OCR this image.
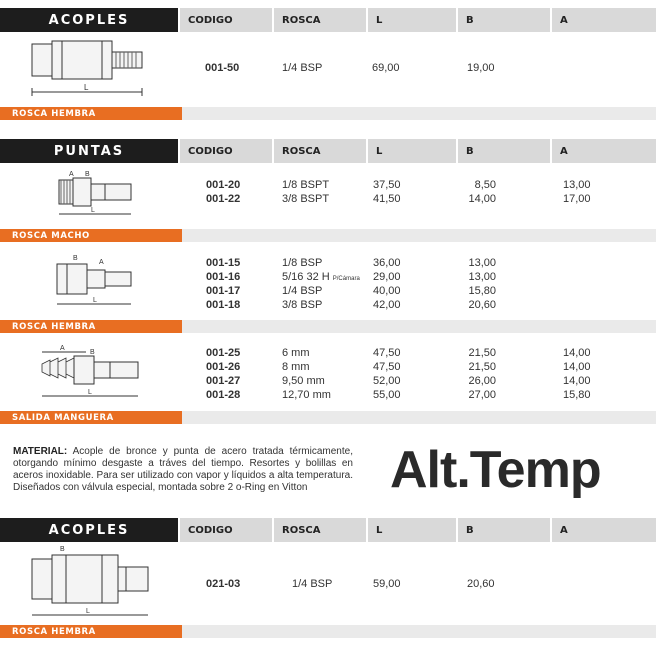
ACOPLES	CODIGO	ROSCA	L	B	A
L
001-50	1/4 BSP	69,00	19,00
ROSCA HEMBRA
PUNTAS	CODIGO	ROSCA	L	B	A
A B
L
001-20	1/8 BSPT	37,50	8,50	13,00
001-22	3/8 BSPT	41,50	14,00	17,00
ROSCA MACHO
B
A
L
001-15	1/8 BSP	36,00	13,00
001-16	5/16 32 H P/Cámara 29,00	13,00
001-17	1/4 BSP	40,00	15,80
001-18	3/8 BSP	42,00	20,60
ROSCA HEMBRA
A
B
L
001-25	6 mm	47,50	21,50	14,00
001-26	8 mm	47,50	21,50	14,00
001-27	9,50 mm	52,00	26,00	14,00
001-28	12,70 mm	55,00	27,00	15,80
SALIDA MANGUERA
MATERIAL: Acople de bronce y punta de acero tratada térmicamente, otorgando mínimo desgaste a tráves del tiempo. Resortes y bolillas en aceros inoxidable. Para ser utilizado con vapor y líquidos a alta temperatura. Diseñados con válvula especial, montada sobre 2 o-Ring en Vitton	Alt.Temp
ACOPLES	CODIGO	ROSCA	L	B	A
B
L
021-03	1/4 BSP	59,00	20,60
ROSCA HEMBRA
